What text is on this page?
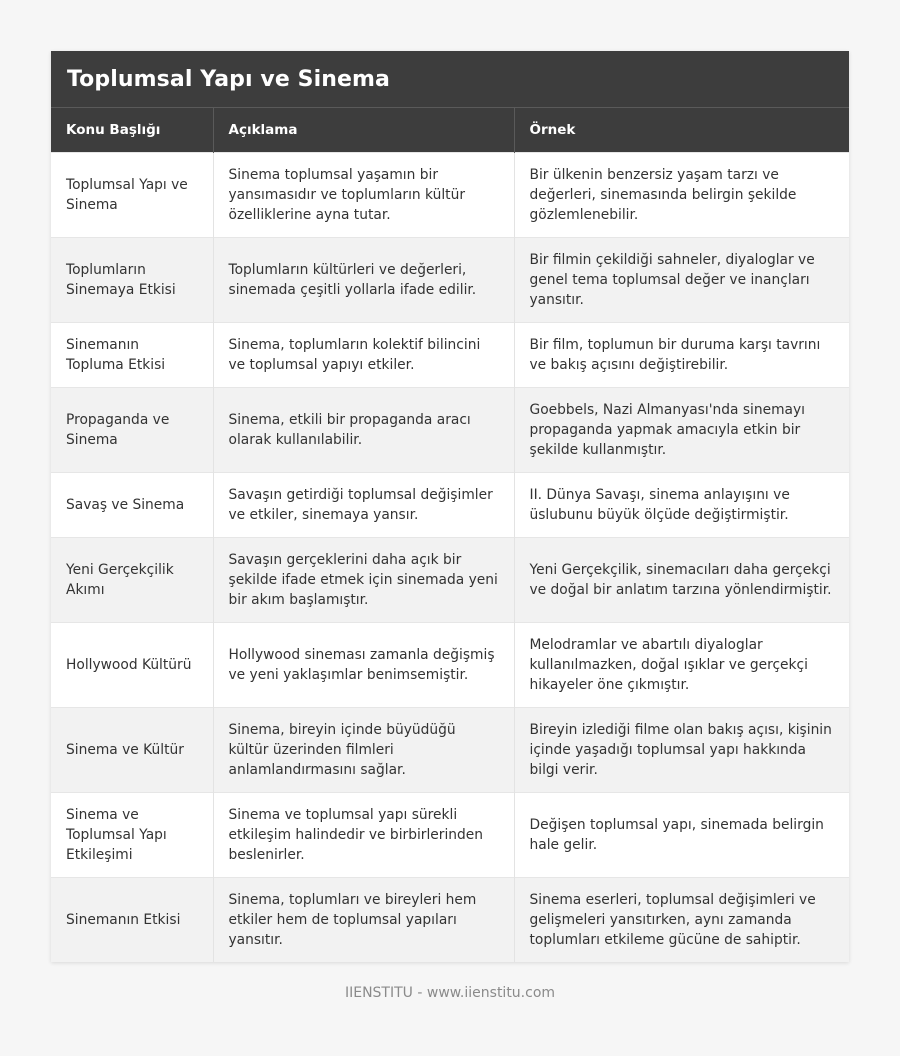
Toplumsal Yapı ve Sinema
Konu Başlığı	Açıklama	Örnek
Toplumsal Yapı ve Sinema	Sinema toplumsal yaşamın bir yansımasıdır ve toplumların kültür özelliklerine ayna tutar.	Bir ülkenin benzersiz yaşam tarzı ve değerleri, sinemasında belirgin şekilde gözlemlenebilir.
Toplumların Sinemaya Etkisi	Toplumların kültürleri ve değerleri, sinemada çeşitli yollarla ifade edilir.	Bir filmin çekildiği sahneler, diyaloglar ve genel tema toplumsal değer ve inançları yansıtır.
Sinemanın Topluma Etkisi	Sinema, toplumların kolektif bilincini ve toplumsal yapıyı etkiler.	Bir film, toplumun bir duruma karşı tavrını ve bakış açısını değiştirebilir.
Propaganda ve Sinema	Sinema, etkili bir propaganda aracı olarak kullanılabilir.	Goebbels, Nazi Almanyası'nda sinemayı propaganda yapmak amacıyla etkin bir şekilde kullanmıştır.
Savaş ve Sinema	Savaşın getirdiği toplumsal değişimler ve etkiler, sinemaya yansır.	II. Dünya Savaşı, sinema anlayışını ve üslubunu büyük ölçüde değiştirmiştir.
Yeni Gerçekçilik Akımı	Savaşın gerçeklerini daha açık bir şekilde ifade etmek için sinemada yeni bir akım başlamıştır.	Yeni Gerçekçilik, sinemacıları daha gerçekçi ve doğal bir anlatım tarzına yönlendirmiştir.
Hollywood Kültürü	Hollywood sineması zamanla değişmiş ve yeni yaklaşımlar benimsemiştir.	Melodramlar ve abartılı diyaloglar kullanılmazken, doğal ışıklar ve gerçekçi hikayeler öne çıkmıştır.
Sinema ve Kültür	Sinema, bireyin içinde büyüdüğü kültür üzerinden filmleri anlamlandırmasını sağlar.	Bireyin izlediği filme olan bakış açısı, kişinin içinde yaşadığı toplumsal yapı hakkında bilgi verir.
Sinema ve Toplumsal Yapı Etkileşimi	Sinema ve toplumsal yapı sürekli etkileşim halindedir ve birbirlerinden beslenirler.	Değişen toplumsal yapı, sinemada belirgin hale gelir.
Sinemanın Etkisi	Sinema, toplumları ve bireyleri hem etkiler hem de toplumsal yapıları yansıtır.	Sinema eserleri, toplumsal değişimleri ve gelişmeleri yansıtırken, aynı zamanda toplumları etkileme gücüne de sahiptir.
IIENSTITU - www.iienstitu.com
